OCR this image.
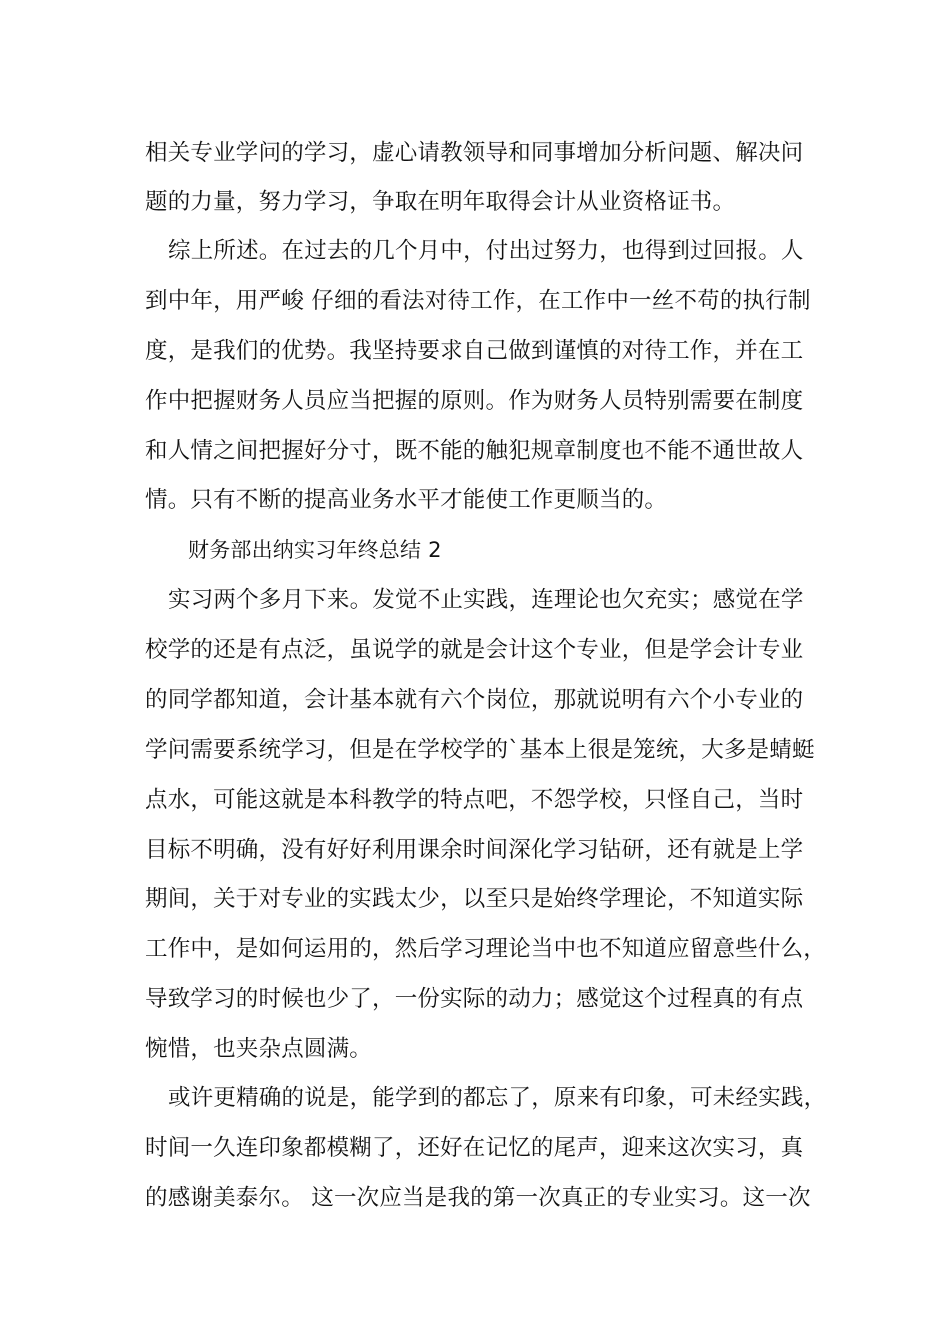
相关专业学问的学习，虚心请教领导和同事增加分析问题、解决问
题的力量，努力学习，争取在明年取得会计从业资格证书。
综上所述。在过去的几个月中，付出过努力，也得到过回报。人
到中年，用严峻 仔细的看法对待工作，在工作中一丝不苟的执行制
度，是我们的优势。我坚持要求自己做到谨慎的对待工作，并在工
作中把握财务人员应当把握的原则。作为财务人员特别需要在制度
和人情之间把握好分寸，既不能的触犯规章制度也不能不通世故人
情。只有不断的提高业务水平才能使工作更顺当的。
财务部出纳实习年终总结 2
实习两个多月下来。发觉不止实践，连理论也欠充实；感觉在学
校学的还是有点泛，虽说学的就是会计这个专业，但是学会计专业
的同学都知道，会计基本就有六个岗位，那就说明有六个小专业的
学问需要系统学习，但是在学校学的`基本上很是笼统，大多是蜻蜓
点水，可能这就是本科教学的特点吧，不怨学校，只怪自己，当时
目标不明确，没有好好利用课余时间深化学习钻研，还有就是上学
期间，关于对专业的实践太少，以至只是始终学理论，不知道实际
工作中，是如何运用的，然后学习理论当中也不知道应留意些什么，
导致学习的时候也少了，一份实际的动力；感觉这个过程真的有点
惋惜，也夹杂点圆满。
或许更精确的说是，能学到的都忘了，原来有印象，可未经实践，
时间一久连印象都模糊了，还好在记忆的尾声，迎来这次实习，真
的感谢美泰尔。 这一次应当是我的第一次真正的专业实习。这一次
